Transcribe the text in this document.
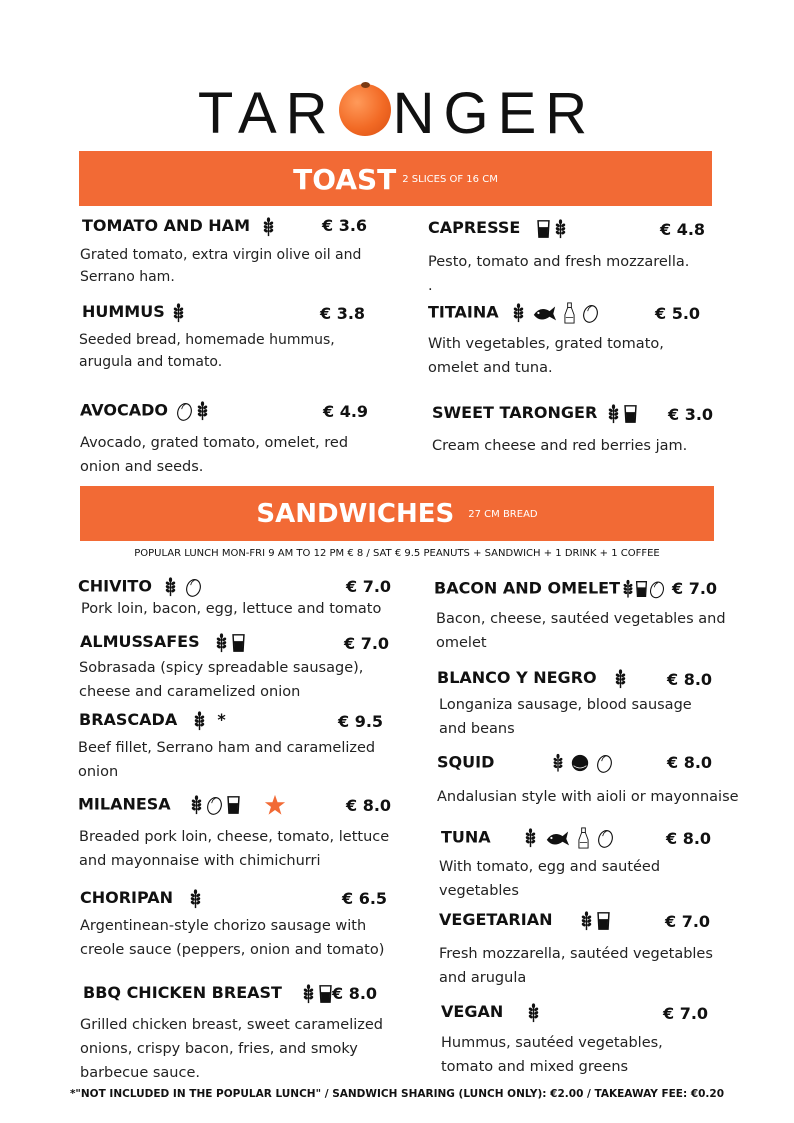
TAR NGER
TOAST 2 SLICES OF 16 CM
TOMATO AND HAM	€ 3.6
Grated tomato, extra virgin olive oil and Serrano ham.
HUMMUS	€ 3.8
Seeded bread, homemade hummus, arugula and tomato.
AVOCADO	€ 4.9
Avocado, grated tomato, omelet, red onion and seeds.
CAPRESSE	€ 4.8
Pesto, tomato and fresh mozzarella.
.
TITAINA	€ 5.0
With vegetables, grated tomato, omelet and tuna.
SWEET TARONGER	€ 3.0
Cream cheese and red berries jam.
SANDWICHES 27 CM BREAD
POPULAR LUNCH MON-FRI 9 AM TO 12 PM € 8 / SAT € 9.5 PEANUTS + SANDWICH + 1 DRINK + 1 COFFEE
CHIVITO	€ 7.0
Pork loin, bacon, egg, lettuce and tomato
ALMUSSAFES	€ 7.0
Sobrasada (spicy spreadable sausage), cheese and caramelized onion
BRASCADA	*	€ 9.5
Beef fillet, Serrano ham and caramelized onion
MILANESA	€ 8.0
Breaded pork loin, cheese, tomato, lettuce and mayonnaise with chimichurri
CHORIPAN	€ 6.5
Argentinean-style chorizo sausage with creole sauce (peppers, onion and tomato)
BBQ CHICKEN BREAST	€ 8.0
Grilled chicken breast, sweet caramelized onions, crispy bacon, fries, and smoky barbecue sauce.
BACON AND OMELET	€ 7.0
Bacon, cheese, sautéed vegetables and omelet
BLANCO Y NEGRO	€ 8.0
Longaniza sausage, blood sausage and beans
SQUID	€ 8.0
Andalusian style with aioli or mayonnaise
TUNA	€ 8.0
With tomato, egg and sautéed vegetables
VEGETARIAN	€ 7.0
Fresh mozzarella, sautéed vegetables and arugula
VEGAN	€ 7.0
Hummus, sautéed vegetables, tomato and mixed greens
*"NOT INCLUDED IN THE POPULAR LUNCH" / SANDWICH SHARING (LUNCH ONLY): €2.00 / TAKEAWAY FEE: €0.20
